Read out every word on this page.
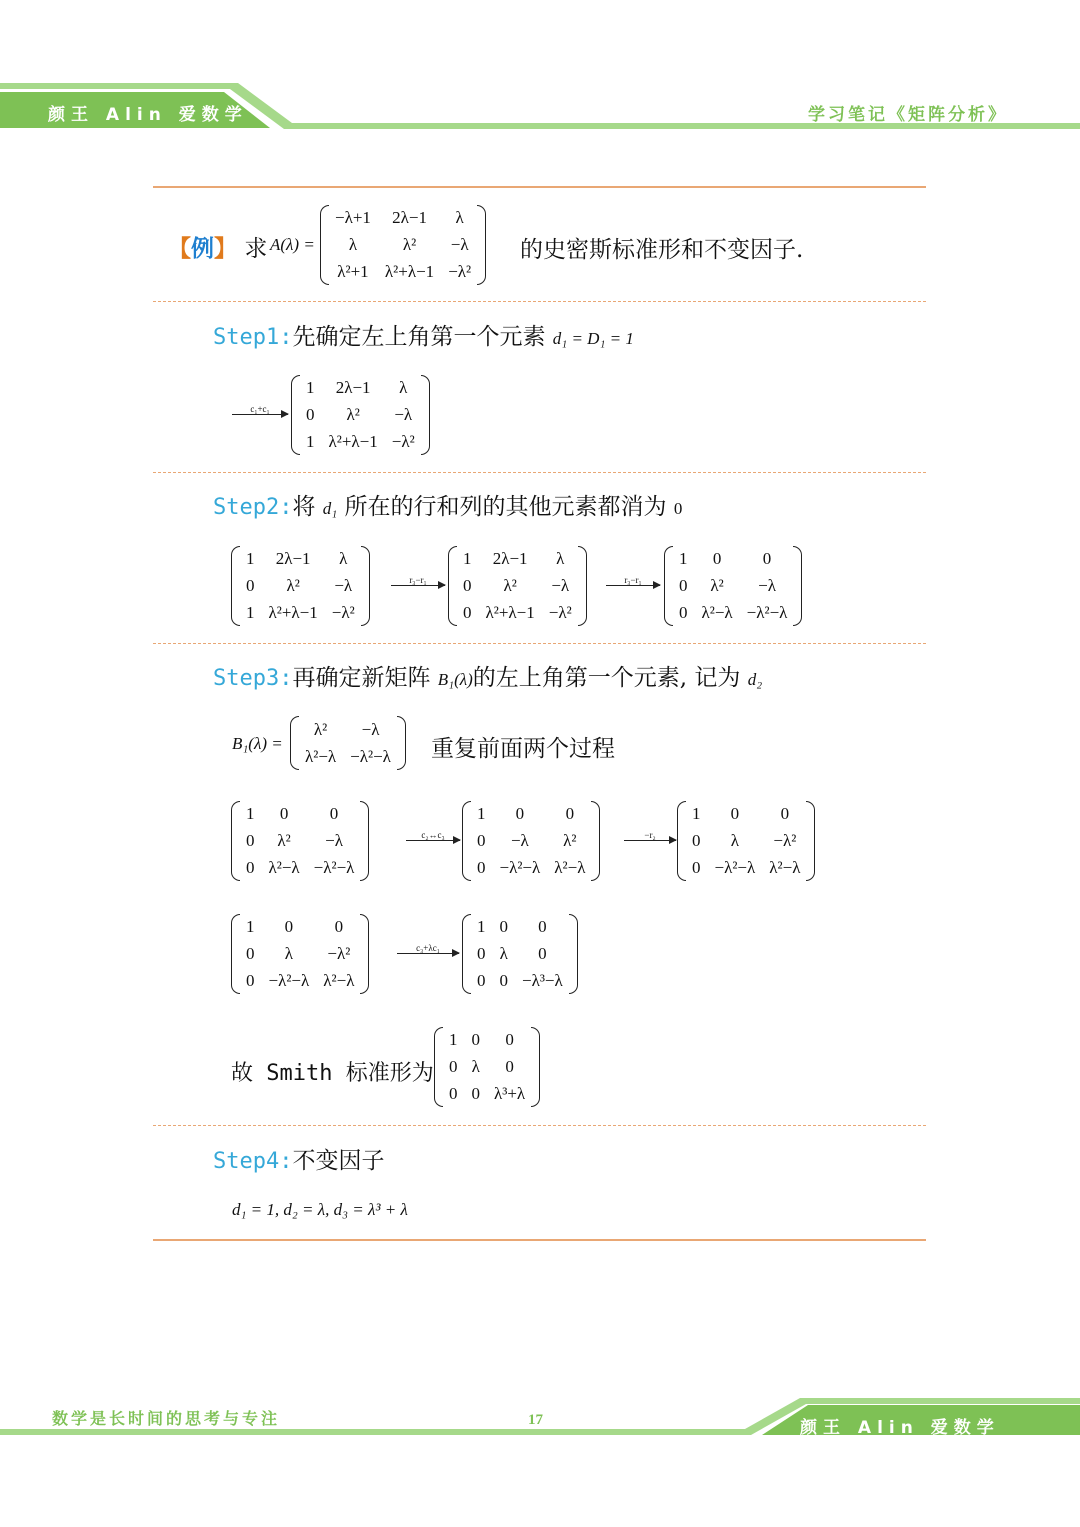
颜王 Alin 爱数学	学习笔记《矩阵分析》
【例】 求 A(λ) =
−λ+1	2λ−1	λ
λ	λ²	−λ
λ²+1 λ²+λ−1 −λ²
的史密斯标准形和不变因子.
Step1:先确定左上角第一个元素 d₁ = D₁ = 1
c₁+c₁
1	2λ−1	λ
0	λ²	−λ
1 λ²+λ−1 −λ²
Step2:将 d₁ 所在的行和列的其他元素都消为 0
1	2λ−1	λ
0	λ²	−λ
1 λ²+λ−1 −λ²
r₃−r₁
1	2λ−1	λ
0	λ²	−λ
0 λ²+λ−1 −λ²
r₃−r₁
1	0	0
0	λ²	−λ
0 λ²−λ −λ²−λ
Step3:再确定新矩阵 B₁(λ)的左上角第一个元素, 记为 d₂
B₁(λ) =
λ²	−λ
λ²−λ −λ²−λ 重复前面两个过程
1	0	0
0	λ²	−λ
0 λ²−λ −λ²−λ
c₂↔c₃
1	0	0
0	−λ	λ²
0 −λ²−λ λ²−λ
−r₂
1	0	0
0	λ	−λ²
0 −λ²−λ λ²−λ
1	0	0
0	λ	−λ²
0 −λ²−λ λ²−λ
c₃+λc₁
1 0	0
0 λ	0
0 0 −λ³−λ
故 Smith 标准形为
1 0	0
0 λ	0
0 0 λ³+λ
Step4:不变因子
d₁ = 1, d₂ = λ, d₃ = λ³ + λ
数学是长时间的思考与专注	17	颜王 Alin 爱数学
